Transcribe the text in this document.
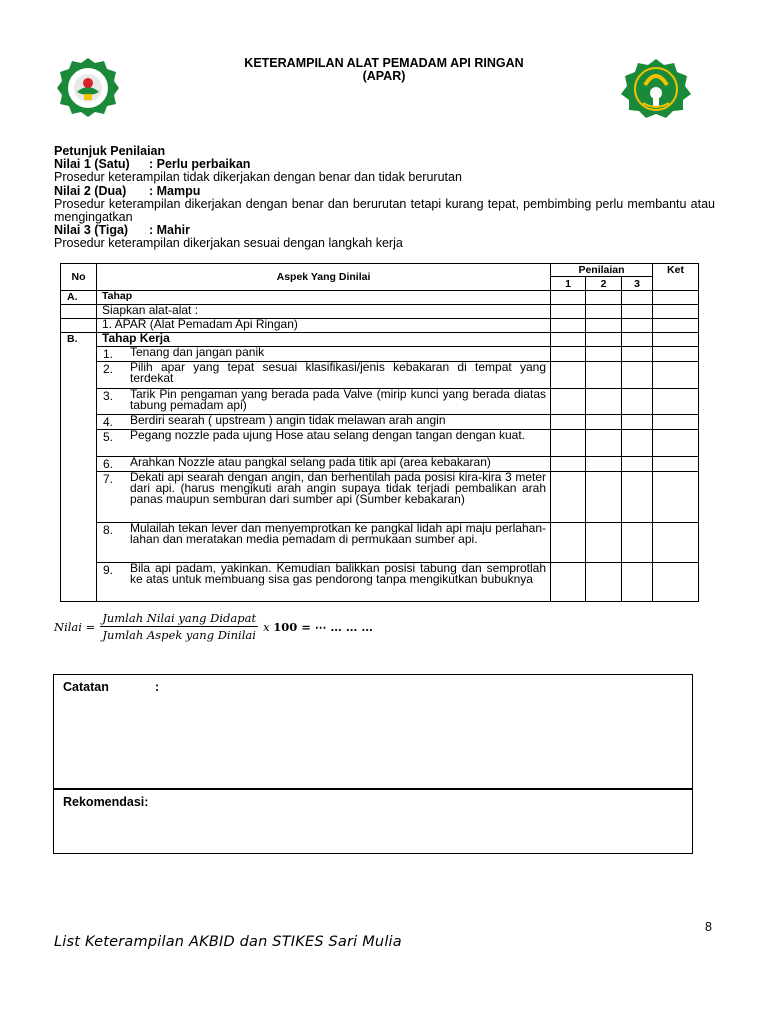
KETERAMPILAN ALAT PEMADAM API RINGAN
(APAR)
Petunjuk Penilaian
Nilai 1 (Satu) : Perlu perbaikan
Prosedur keterampilan tidak dikerjakan dengan benar dan tidak berurutan
Nilai 2 (Dua) : Mampu
Prosedur keterampilan dikerjakan dengan benar dan berurutan tetapi kurang tepat, pembimbing perlu membantu atau mengingatkan
Nilai 3 (Tiga) : Mahir
Prosedur keterampilan dikerjakan sesuai dengan langkah kerja
No	Aspek Yang Dinilai	Penilaian			Ket
		1	2	3	
A.	Tahap				
	Siapkan alat-alat :				
	1. APAR (Alat Pemadam Api Ringan)				
B.	Tahap Kerja				

	1. Tenang dan jangan panik				

	2. Pilih apar yang tepat sesuai klasifikasi/jenis kebakaran di tempat yang terdekat				

	3. Tarik Pin pengaman yang berada pada Valve (mirip kunci yang berada diatas tabung pemadam api)				

	4. Berdiri searah ( upstream ) angin tidak melawan arah angin				

	5. Pegang nozzle pada ujung Hose atau selang dengan tangan dengan kuat.				

	6. Arahkan Nozzle atau pangkal selang pada titik api (area kebakaran)				

	7. Dekati api searah dengan angin, dan berhentilah pada posisi kira-kira 3 meter dari api. (harus mengikuti arah angin supaya tidak terjadi pembalikan arah panas maupun semburan dari sumber api (Sumber kebakaran)				

	8. Mulailah tekan lever dan menyemprotkan ke pangkal lidah api maju perlahan-lahan dan meratakan media pemadam di permukaan sumber api.				

	9. Bila api padam, yakinkan. Kemudian balikkan posisi tabung dan semprotlah ke atas untuk membuang sisa gas pendorong tanpa mengikutkan bubuknya				

Nilai = $\frac{\text{Jumlah Nilai yang Didapat}}{\text{Jumlah Aspek yang Dinilai}}$ x
100 = ⋯ … … …
Catatan	:
Rekomendasi:
8
List Keterampilan AKBID dan STIKES Sari Mulia
